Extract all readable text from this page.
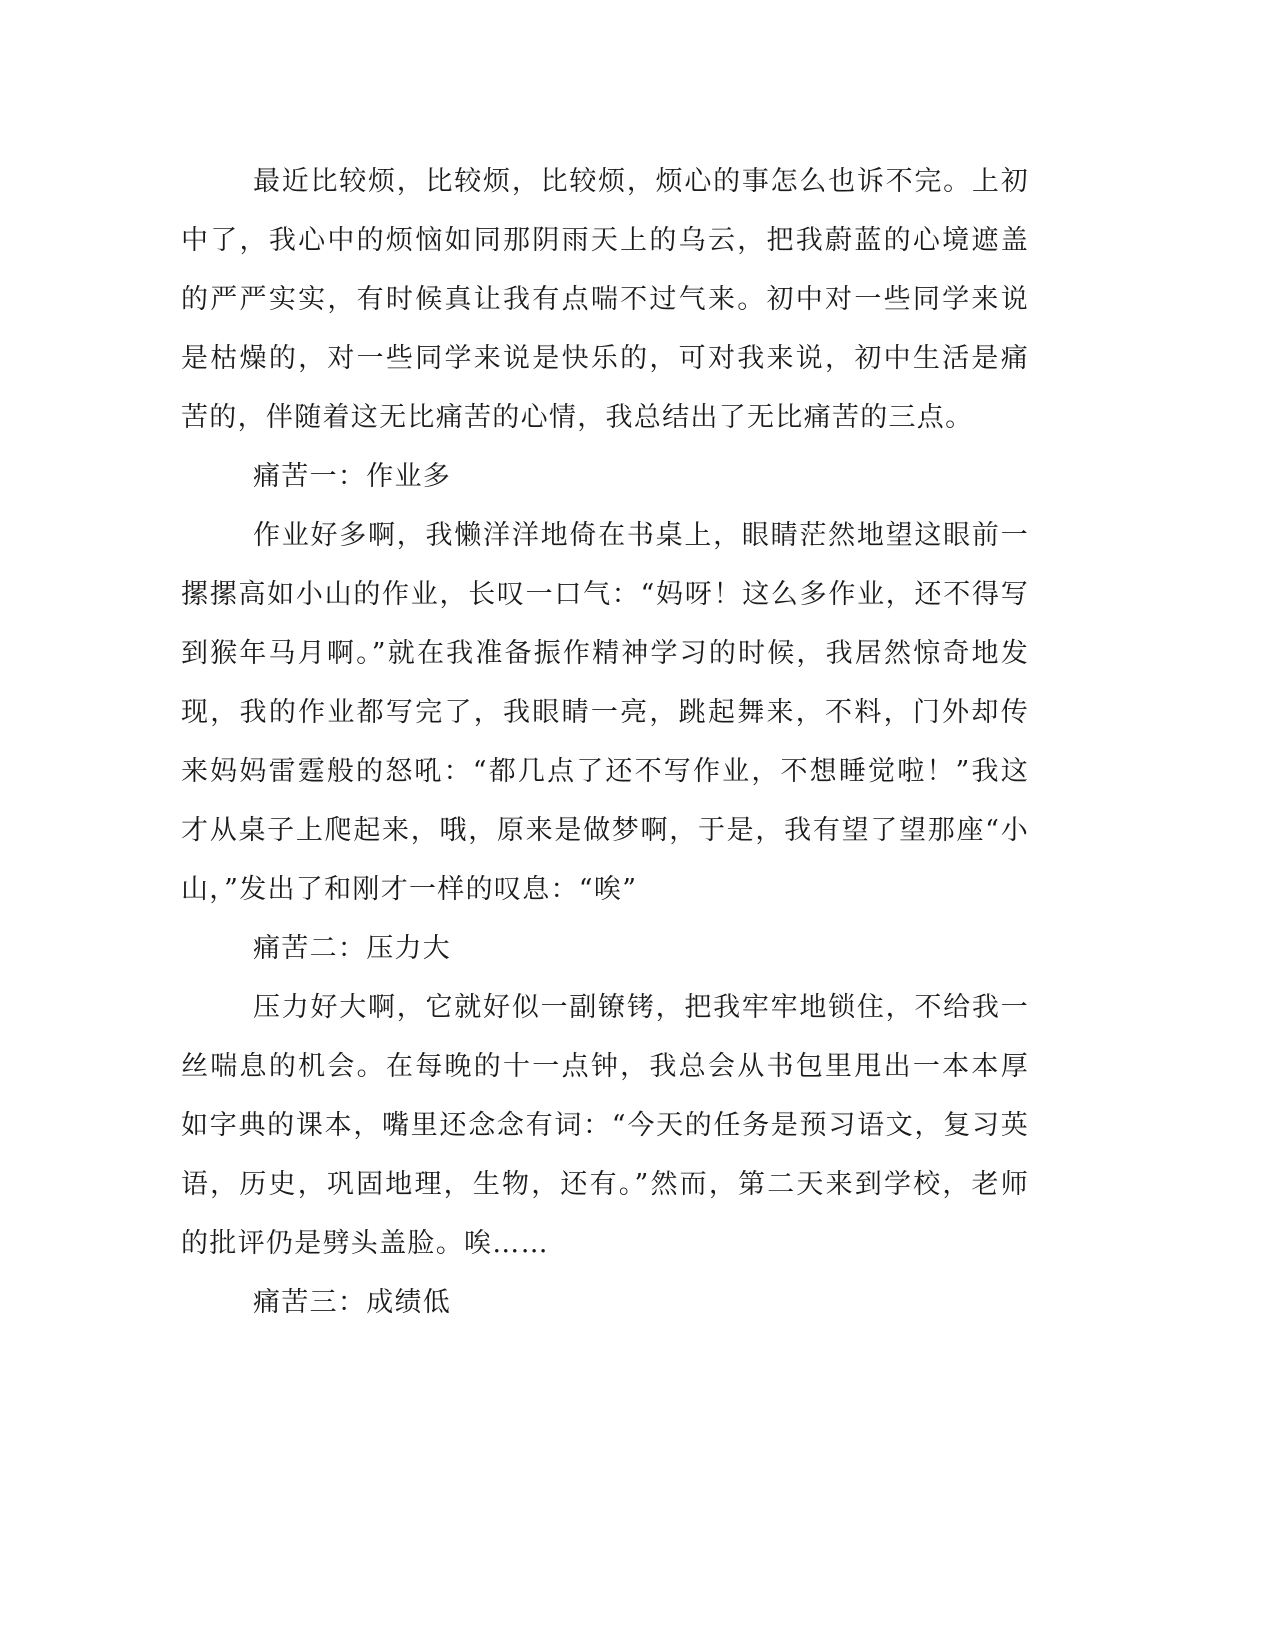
最近比较烦，比较烦，比较烦，烦心的事怎么也诉不完。上初中了，我心中的烦恼如同那阴雨天上的乌云，把我蔚蓝的心境遮盖的严严实实，有时候真让我有点喘不过气来。初中对一些同学来说是枯燥的，对一些同学来说是快乐的，可对我来说，初中生活是痛苦的，伴随着这无比痛苦的心情，我总结出了无比痛苦的三点。

痛苦一：作业多

作业好多啊，我懒洋洋地倚在书桌上，眼睛茫然地望这眼前一摞摞高如小山的作业，长叹一口气：“妈呀！这么多作业，还不得写到猴年马月啊。”就在我准备振作精神学习的时候，我居然惊奇地发现，我的作业都写完了，我眼睛一亮，跳起舞来，不料，门外却传来妈妈雷霆般的怒吼：“都几点了还不写作业，不想睡觉啦！”我这才从桌子上爬起来，哦，原来是做梦啊，于是，我有望了望那座“小山，”发出了和刚才一样的叹息：“唉”

痛苦二：压力大

压力好大啊，它就好似一副镣铐，把我牢牢地锁住，不给我一丝喘息的机会。在每晚的十一点钟，我总会从书包里甩出一本本厚如字典的课本，嘴里还念念有词：“今天的任务是预习语文，复习英语，历史，巩固地理，生物，还有。”然而，第二天来到学校，老师的批评仍是劈头盖脸。唉……

痛苦三：成绩低
